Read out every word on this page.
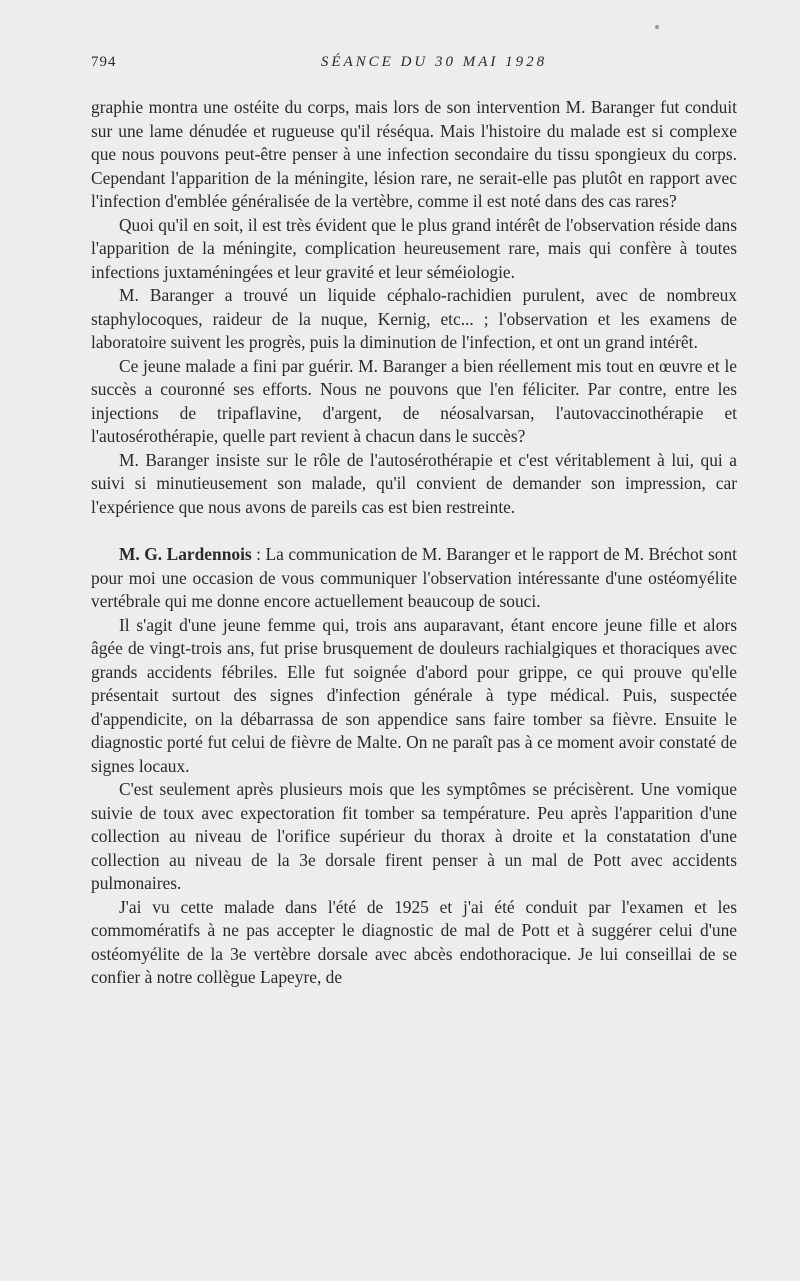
794	SÉANCE DU 30 MAI 1928

graphie montra une ostéite du corps, mais lors de son intervention M. Baranger fut conduit sur une lame dénudée et rugueuse qu'il réséqua. Mais l'histoire du malade est si complexe que nous pouvons peut-être penser à une infection secondaire du tissu spongieux du corps. Cependant l'apparition de la méningite, lésion rare, ne serait-elle pas plutôt en rapport avec l'infection d'emblée généralisée de la vertèbre, comme il est noté dans des cas rares?

Quoi qu'il en soit, il est très évident que le plus grand intérêt de l'observation réside dans l'apparition de la méningite, complication heureusement rare, mais qui confère à toutes infections juxtaméningées et leur gravité et leur séméiologie.

M. Baranger a trouvé un liquide céphalo-rachidien purulent, avec de nombreux staphylocoques, raideur de la nuque, Kernig, etc... ; l'observation et les examens de laboratoire suivent les progrès, puis la diminution de l'infection, et ont un grand intérêt.

Ce jeune malade a fini par guérir. M. Baranger a bien réellement mis tout en œuvre et le succès a couronné ses efforts. Nous ne pouvons que l'en féliciter. Par contre, entre les injections de tripaflavine, d'argent, de néosalvarsan, l'autovaccinothérapie et l'autosérothérapie, quelle part revient à chacun dans le succès?

M. Baranger insiste sur le rôle de l'autosérothérapie et c'est véritablement à lui, qui a suivi si minutieusement son malade, qu'il convient de demander son impression, car l'expérience que nous avons de pareils cas est bien restreinte.

M. G. Lardennois : La communication de M. Baranger et le rapport de M. Bréchot sont pour moi une occasion de vous communiquer l'observation intéressante d'une ostéomyélite vertébrale qui me donne encore actuellement beaucoup de souci.

Il s'agit d'une jeune femme qui, trois ans auparavant, étant encore jeune fille et alors âgée de vingt-trois ans, fut prise brusquement de douleurs rachialgiques et thoraciques avec grands accidents fébriles. Elle fut soignée d'abord pour grippe, ce qui prouve qu'elle présentait surtout des signes d'infection générale à type médical. Puis, suspectée d'appendicite, on la débarrassa de son appendice sans faire tomber sa fièvre. Ensuite le diagnostic porté fut celui de fièvre de Malte. On ne paraît pas à ce moment avoir constaté de signes locaux.

C'est seulement après plusieurs mois que les symptômes se précisèrent. Une vomique suivie de toux avec expectoration fit tomber sa température. Peu après l'apparition d'une collection au niveau de l'orifice supérieur du thorax à droite et la constatation d'une collection au niveau de la 3e dorsale firent penser à un mal de Pott avec accidents pulmonaires.

J'ai vu cette malade dans l'été de 1925 et j'ai été conduit par l'examen et les commomératifs à ne pas accepter le diagnostic de mal de Pott et à suggérer celui d'une ostéomyélite de la 3e vertèbre dorsale avec abcès endothoracique. Je lui conseillai de se confier à notre collègue Lapeyre, de
